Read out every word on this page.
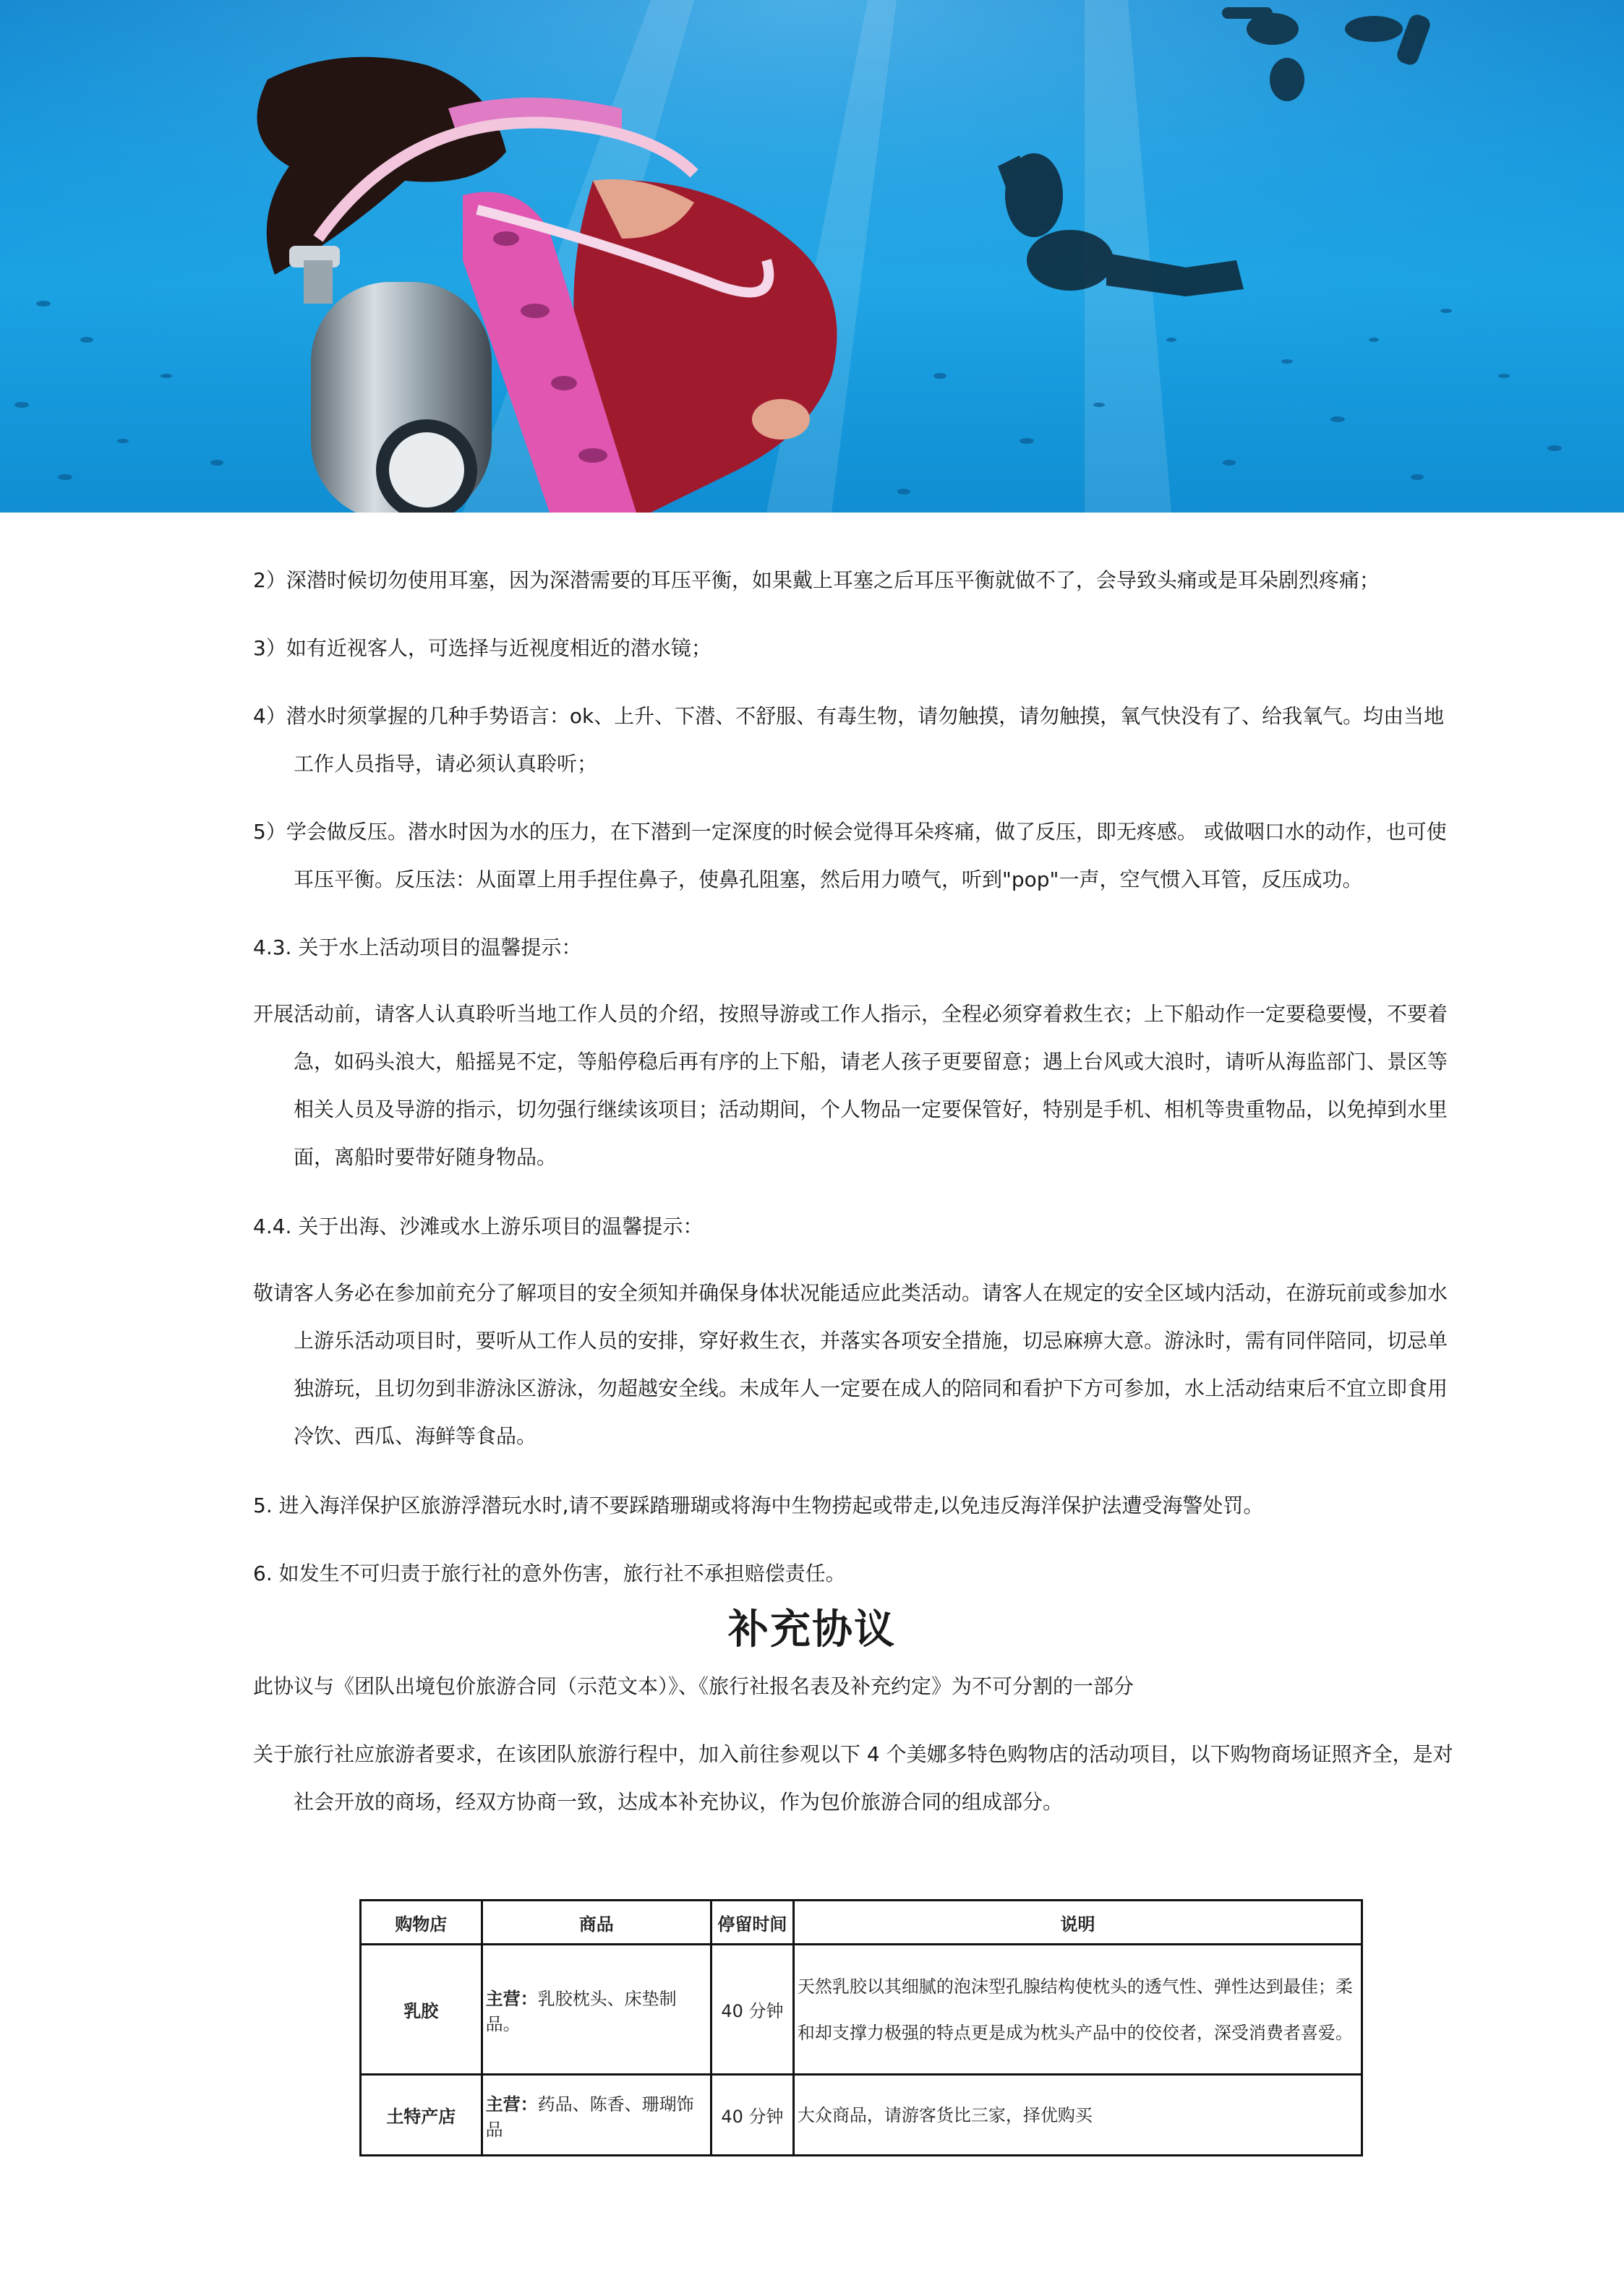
2）深潜时候切勿使用耳塞，因为深潜需要的耳压平衡，如果戴上耳塞之后耳压平衡就做不了，会导致头痛或是耳朵剧烈疼痛；

3）如有近视客人，可选择与近视度相近的潜水镜；

4）潜水时须掌握的几种手势语言：ok、上升、下潜、不舒服、有毒生物，请勿触摸，请勿触摸，氧气快没有了、给我氧气。均由当地工作人员指导，请必须认真聆听；

5）学会做反压。潜水时因为水的压力，在下潜到一定深度的时候会觉得耳朵疼痛，做了反压，即无疼感。 或做咽口水的动作，也可使耳压平衡。反压法：从面罩上用手捏住鼻子，使鼻孔阻塞，然后用力喷气，听到"pop"一声，空气惯入耳管，反压成功。

4.3. 关于水上活动项目的温馨提示：

开展活动前，请客人认真聆听当地工作人员的介绍，按照导游或工作人指示，全程必须穿着救生衣；上下船动作一定要稳要慢，不要着急，如码头浪大，船摇晃不定，等船停稳后再有序的上下船，请老人孩子更要留意；遇上台风或大浪时，请听从海监部门、景区等相关人员及导游的指示，切勿强行继续该项目；活动期间，个人物品一定要保管好，特别是手机、相机等贵重物品，以免掉到水里面，离船时要带好随身物品。

4.4. 关于出海、沙滩或水上游乐项目的温馨提示：

敬请客人务必在参加前充分了解项目的安全须知并确保身体状况能适应此类活动。请客人在规定的安全区域内活动，在游玩前或参加水上游乐活动项目时，要听从工作人员的安排，穿好救生衣，并落实各项安全措施，切忌麻痹大意。游泳时，需有同伴陪同，切忌单独游玩，且切勿到非游泳区游泳，勿超越安全线。未成年人一定要在成人的陪同和看护下方可参加，水上活动结束后不宜立即食用冷饮、西瓜、海鲜等食品。

5. 进入海洋保护区旅游浮潜玩水时,请不要踩踏珊瑚或将海中生物捞起或带走,以免违反海洋保护法遭受海警处罚。

6. 如发生不可归责于旅行社的意外伤害，旅行社不承担赔偿责任。

补充协议

此协议与《团队出境包价旅游合同（示范文本）》、《旅行社报名表及补充约定》为不可分割的一部分

关于旅行社应旅游者要求，在该团队旅游行程中，加入前往参观以下 4 个美娜多特色购物店的活动项目，以下购物商场证照齐全，是对社会开放的商场，经双方协商一致，达成本补充协议，作为包价旅游合同的组成部分。

购物店	商品	停留时间	说明
乳胶	主营：乳胶枕头、床垫制品。	40 分钟	天然乳胶以其细腻的泡沫型孔腺结构使枕头的透气性、弹性达到最佳；柔和却支撑力极强的特点更是成为枕头产品中的佼佼者，深受消费者喜爱。
土特产店	主营：药品、陈香、珊瑚饰品	40 分钟	大众商品，请游客货比三家，择优购买
